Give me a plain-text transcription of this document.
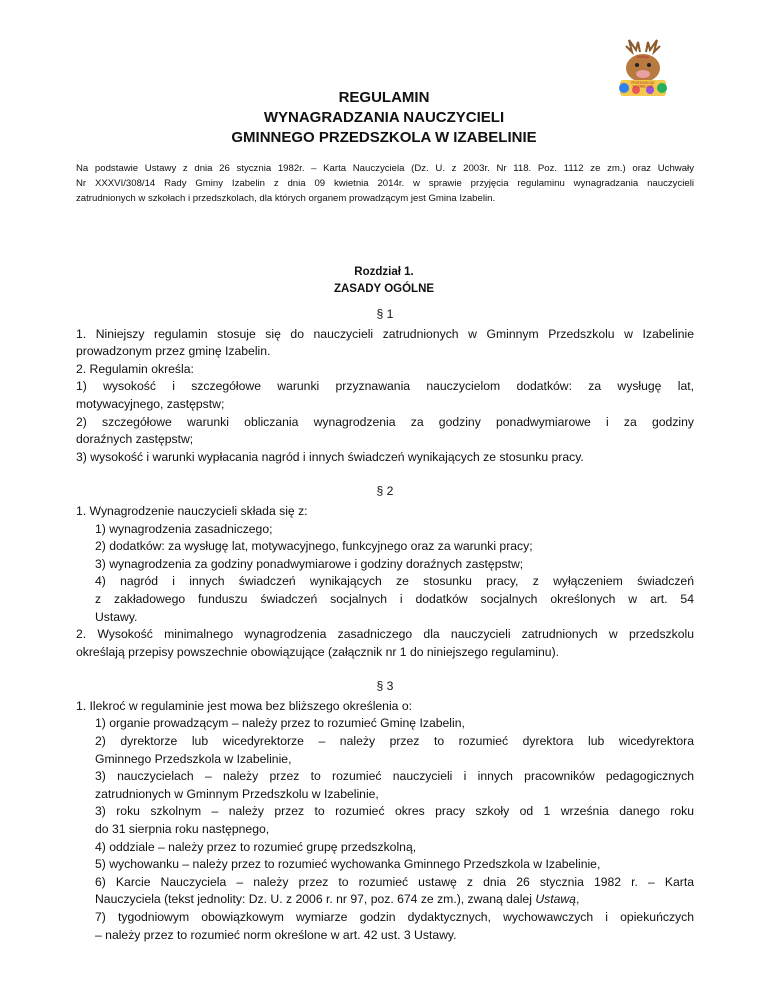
GMINNE
PRZEDSZKOLE
W IZABELINIE
REGULAMIN
WYNAGRADZANIA NAUCZYCIELI
GMINNEGO PRZEDSZKOLA W IZABELINIE
Na podstawie Ustawy z dnia 26 stycznia 1982r. – Karta Nauczyciela (Dz. U. z 2003r. Nr 118. Poz. 1112 ze zm.) oraz Uchwały
Nr XXXVI/308/14 Rady Gminy Izabelin z dnia 09 kwietnia 2014r. w sprawie przyjęcia regulaminu wynagradzania nauczycieli
zatrudnionych w szkołach i przedszkolach, dla których organem prowadzącym jest Gmina Izabelin.
Rozdział 1.
ZASADY OGÓLNE
§ 1
1. Niniejszy regulamin stosuje się do nauczycieli zatrudnionych w Gminnym Przedszkolu w Izabelinie
prowadzonym przez gminę Izabelin.
2. Regulamin określa:
1) wysokość i szczegółowe warunki przyznawania nauczycielom dodatków: za wysługę lat,
motywacyjnego, zastępstw;
2) szczegółowe warunki obliczania wynagrodzenia za godziny ponadwymiarowe i za godziny
doraźnych zastępstw;
3) wysokość i warunki wypłacania nagród i innych świadczeń wynikających ze stosunku pracy.
§ 2
1. Wynagrodzenie nauczycieli składa się z:
1) wynagrodzenia zasadniczego;
2) dodatków: za wysługę lat, motywacyjnego, funkcyjnego oraz za warunki pracy;
3) wynagrodzenia za godziny ponadwymiarowe i godziny doraźnych zastępstw;
4) nagród i innych świadczeń wynikających ze stosunku pracy, z wyłączeniem świadczeń
z zakładowego funduszu świadczeń socjalnych i dodatków socjalnych określonych w art. 54
Ustawy.
2. Wysokość minimalnego wynagrodzenia zasadniczego dla nauczycieli zatrudnionych w przedszkolu
określają przepisy powszechnie obowiązujące (załącznik nr 1 do niniejszego regulaminu).
§ 3
1. Ilekroć w regulaminie jest mowa bez bliższego określenia o:
1) organie prowadzącym – należy przez to rozumieć Gminę Izabelin,
2) dyrektorze lub wicedyrektorze – należy przez to rozumieć dyrektora lub wicedyrektora
Gminnego Przedszkola w Izabelinie,
3) nauczycielach – należy przez to rozumieć nauczycieli i innych pracowników pedagogicznych
zatrudnionych w Gminnym Przedszkolu w Izabelinie,
3) roku szkolnym – należy przez to rozumieć okres pracy szkoły od 1 września danego roku
do 31 sierpnia roku następnego,
4) oddziale – należy przez to rozumieć grupę przedszkolną,
5) wychowanku – należy przez to rozumieć wychowanka Gminnego Przedszkola w Izabelinie,
6) Karcie Nauczyciela – należy przez to rozumieć ustawę z dnia 26 stycznia 1982 r. – Karta
Nauczyciela (tekst jednolity: Dz. U. z 2006 r. nr 97, poz. 674 ze zm.), zwaną dalej Ustawą,
7) tygodniowym obowiązkowym wymiarze godzin dydaktycznych, wychowawczych i opiekuńczych
– należy przez to rozumieć norm określone w art. 42 ust. 3 Ustawy.
